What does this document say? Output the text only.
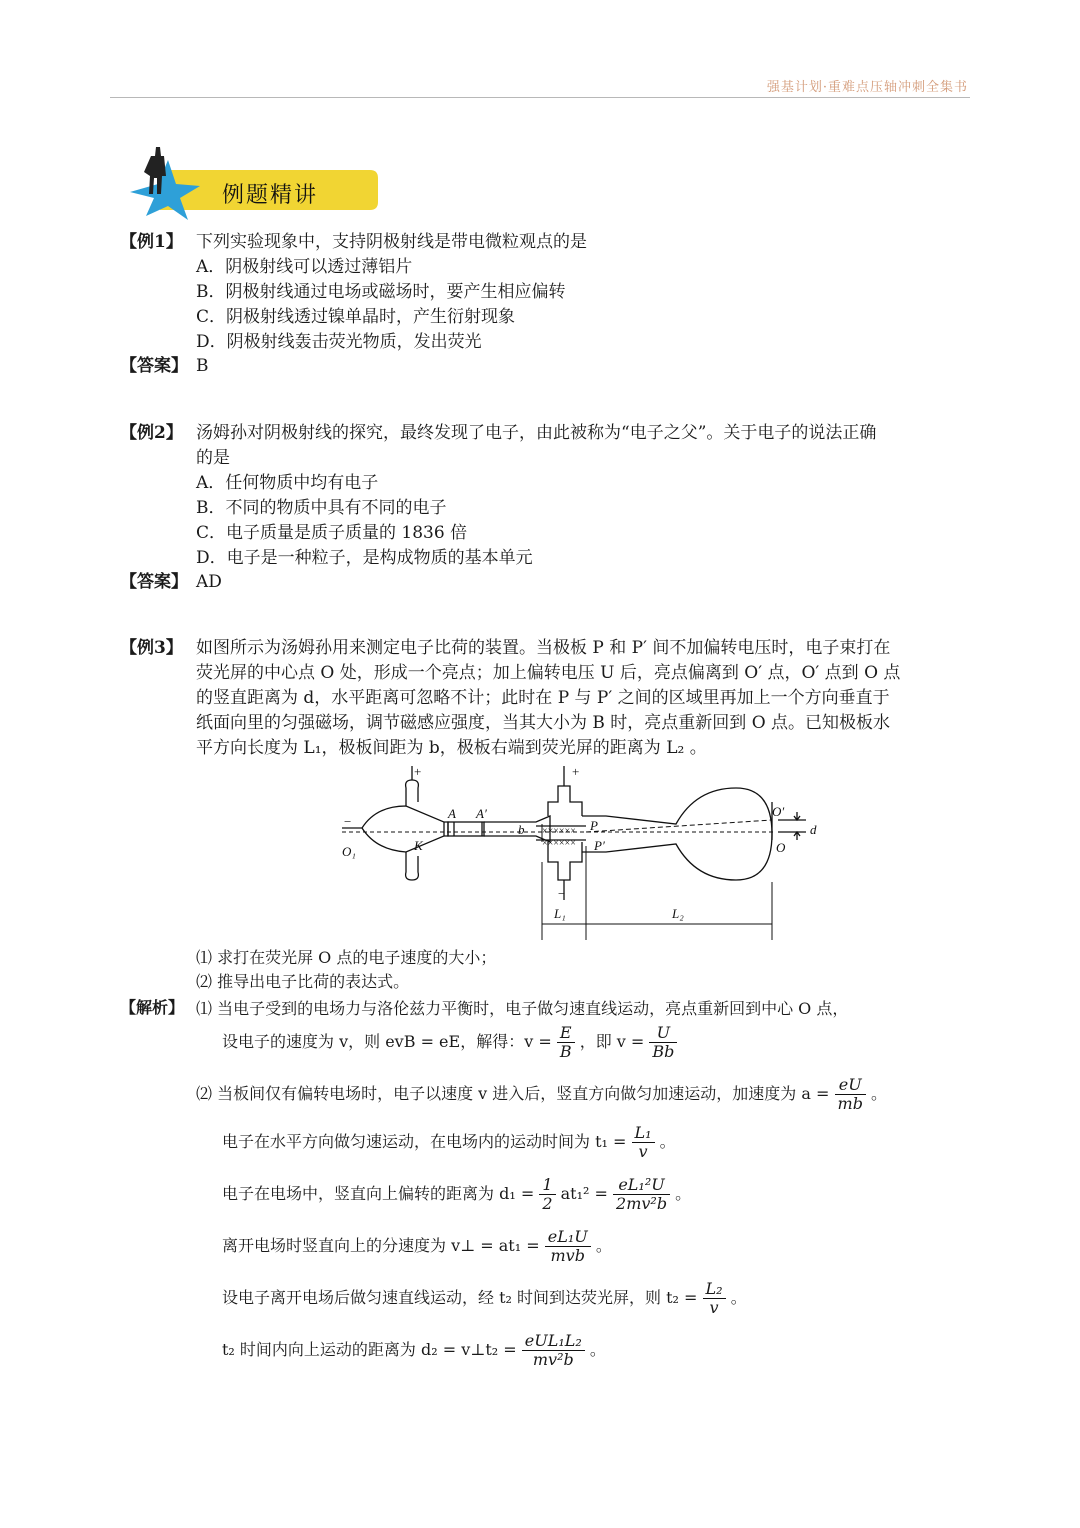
强基计划·重难点压轴冲刺全集书
例题精讲
【例1】 下列实验现象中，支持阴极射线是带电微粒观点的是
A．阴极射线可以透过薄铝片
B．阴极射线通过电场或磁场时，要产生相应偏转
C．阴极射线透过镍单晶时，产生衍射现象
D．阴极射线轰击荧光物质，发出荧光
【答案】 B
【例2】 汤姆孙对阴极射线的探究，最终发现了电子，由此被称为“电子之父”。关于电子的说法正确
的是
A．任何物质中均有电子
B．不同的物质中具有不同的电子
C．电子质量是质子质量的 1836 倍
D．电子是一种粒子，是构成物质的基本单元
【答案】 AD
【例3】 如图所示为汤姆孙用来测定电子比荷的装置。当极板 P 和 P′ 间不加偏转电压时，电子束打在
荧光屏的中心点 O 处，形成一个亮点；加上偏转电压 U 后，亮点偏离到 O′ 点，O′ 点到 O 点
的竖直距离为 d，水平距离可忽略不计；此时在 P 与 P′ 之间的区域里再加上一个方向垂直于
纸面向里的匀强磁场，调节磁感应强度，当其大小为 B 时，亮点重新回到 O 点。已知极板水
平方向长度为 L₁，极板间距为 b，极板右端到荧光屏的距离为 L₂ 。
+	+
−
−
A A′
b ××××××
××××××
P
P′
K
O₁	O
O′
d
L₁	L₂
⑴ 求打在荧光屏 O 点的电子速度的大小；
⑵ 推导出电子比荷的表达式。
【解析】 ⑴ 当电子受到的电场力与洛伦兹力平衡时，电子做匀速直线运动，亮点重新回到中心 O 点，
设电子的速度为 v，则 evB = eE，解得：$v = \frac{E}{B}$ ，即 $v = \frac{U}{Bb}$
⑵ 当板间仅有偏转电场时，电子以速度 v 进入后，竖直方向做匀加速运动，加速度为 $a = \frac{eU}{mb}$ 。
电子在水平方向做匀速运动，在电场内的运动时间为 $t_1 = \frac{\text{L₁}}{v}$ 。
电子在电场中，竖直向上偏转的距离为 $d_1 = \frac{1}{2} at_1^2 = \frac{\text{eL₁²U}}{\text{2mv²b}}$ 。
离开电场时竖直向上的分速度为 v⊥ = $at_1 = \frac{\text{eL₁U}}{\text{mvb}}$ 。
设电子离开电场后做匀速直线运动，经 t₂ 时间到达荧光屏，则 $t_2 = \frac{\text{L₂}}{v}$ 。
t₂ 时间内向上运动的距离为 d₂ = v⊥t₂ = $\frac{\text{eUL₁L₂}}{\text{mv²b}}$ 。
